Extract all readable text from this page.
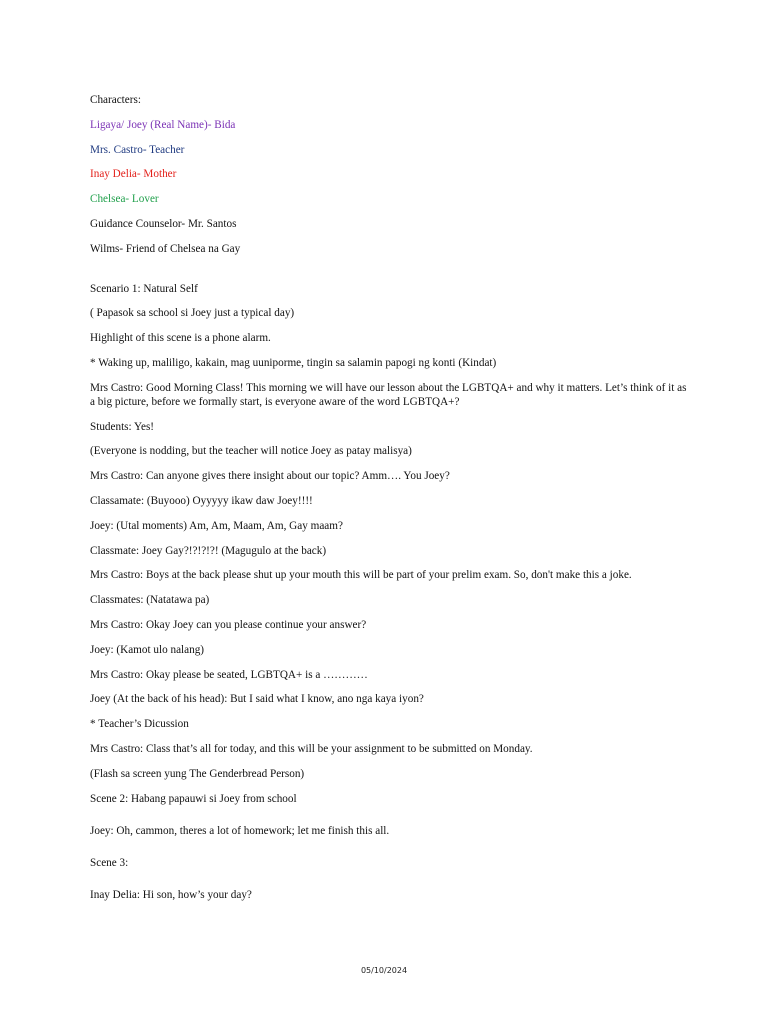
Characters:

Ligaya/ Joey (Real Name)- Bida

Mrs. Castro- Teacher

Inay Delia- Mother

Chelsea- Lover

Guidance Counselor- Mr. Santos

Wilms- Friend of Chelsea na Gay

Scenario 1: Natural Self

( Papasok sa school si Joey just a typical day)

Highlight of this scene is a phone alarm.

* Waking up, maliligo, kakain, mag uuniporme, tingin sa salamin papogi ng konti (Kindat)

Mrs Castro: Good Morning Class! This morning we will have our lesson about the LGBTQA+ and why it matters. Let’s think of it as a big picture, before we formally start, is everyone aware of the word LGBTQA+?

Students: Yes!

(Everyone is nodding, but the teacher will notice Joey as patay malisya)

Mrs Castro: Can anyone gives there insight about our topic? Amm…. You Joey?

Classamate: (Buyooo) Oyyyyy ikaw daw Joey!!!!

Joey: (Utal moments) Am, Am, Maam, Am, Gay maam?

Classmate: Joey Gay?!?!?!?! (Magugulo at the back)

Mrs Castro: Boys at the back please shut up your mouth this will be part of your prelim exam. So, don't make this a joke.

Classmates: (Natatawa pa)

Mrs Castro: Okay Joey can you please continue your answer?

Joey: (Kamot ulo nalang)

Mrs Castro: Okay please be seated, LGBTQA+ is a …………

Joey (At the back of his head): But I said what I know, ano nga kaya iyon?

* Teacher’s Dicussion

Mrs Castro: Class that’s all for today, and this will be your assignment to be submitted on Monday.

(Flash sa screen yung The Genderbread Person)

Scene 2: Habang papauwi si Joey from school

Joey: Oh, cammon, theres a lot of homework; let me finish this all.

Scene 3:

Inay Delia: Hi son, how’s your day?

05/10/2024
